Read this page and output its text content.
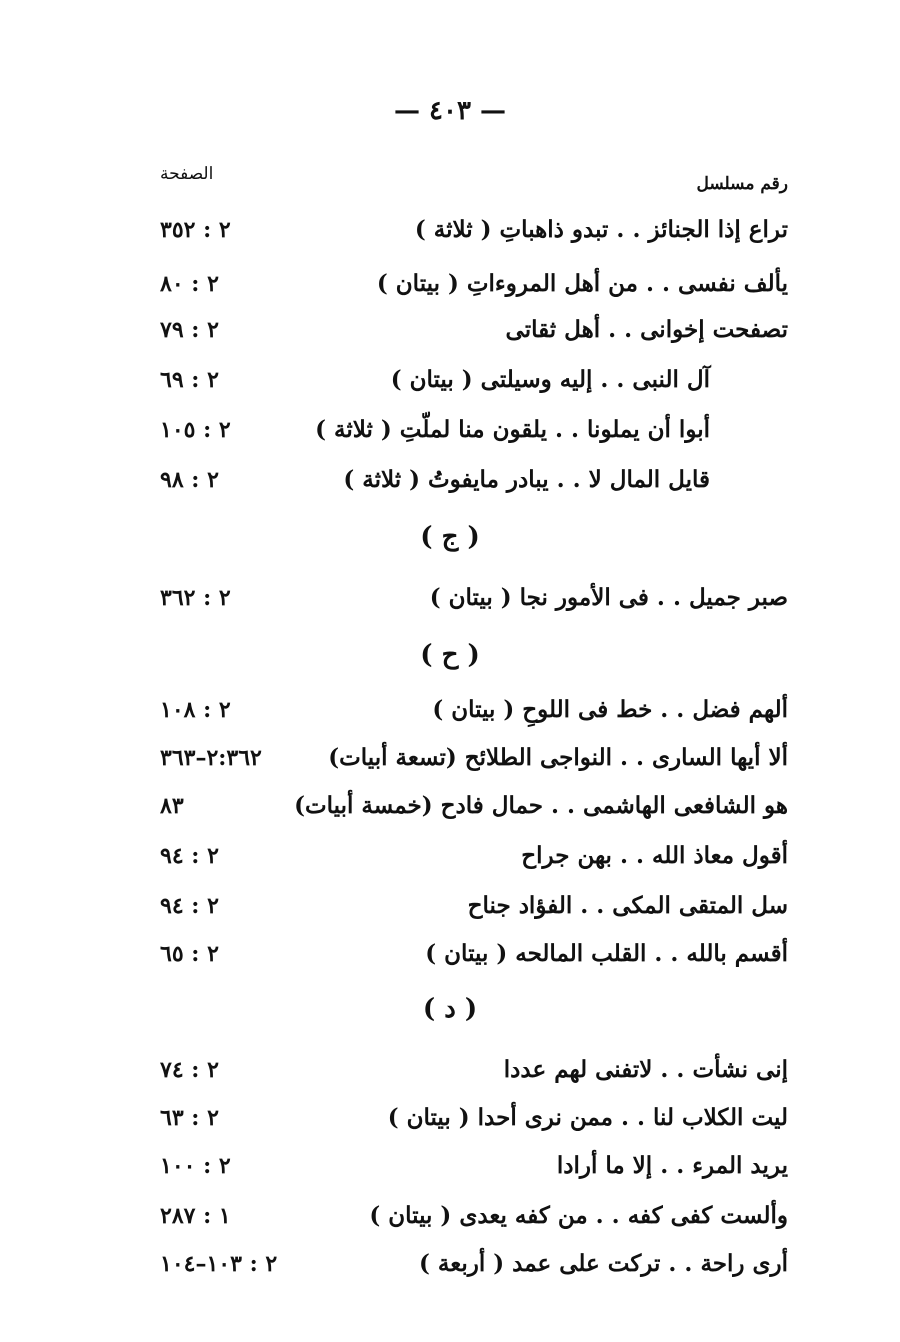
— ٤٠٣ —
رقم مسلسل
الصفحة
تراع إذا الجنائز . . تبدو ذاهباتِ ( ثلاثة )
٢ : ٣٥٢
يألف نفسى . . من أهل المروءاتِ ( بيتان )
٢ : ٨٠
تصفحت إخوانى . . أهل ثقاتى
٢ : ٧٩
آل النبى . . إليه وسيلتى ( بيتان )
٢ : ٦٩
أبوا أن يملونا . . يلقون منا لملّتِ ( ثلاثة )
٢ : ١٠٥
قايل المال لا . . يبادر مايفوتُ ( ثلاثة )
٢ : ٩٨
( ج )
صبر جميل . . فى الأمور نجا ( بيتان )
٢ : ٣٦٢
( ح )
ألهم فضل . . خط فى اللوحِ ( بيتان )
٢ : ١٠٨
ألا أيها السارى . . النواجى الطلائح (تسعة أبيات)
٢:٣٦٢–٣٦٣
هو الشافعى الهاشمى . . حمال فادح (خمسة أبيات)
٨٣
أقول معاذ الله . . بهن جراح
٢ : ٩٤
سل المتقى المكى . . الفؤاد جناح
٢ : ٩٤
أقسم بالله . . القلب المالحه ( بيتان )
٢ : ٦٥
( د )
إنى نشأت . . لاتفنى لهم عددا
٢ : ٧٤
ليت الكلاب لنا . . ممن نرى أحدا ( بيتان )
٢ : ٦٣
يريد المرء . . إلا ما أرادا
٢ : ١٠٠
وألست كفى كفه . . من كفه يعدى ( بيتان )
١ : ٢٨٧
أرى راحة . . تركت على عمد ( أربعة )
٢ : ١٠٣–١٠٤
